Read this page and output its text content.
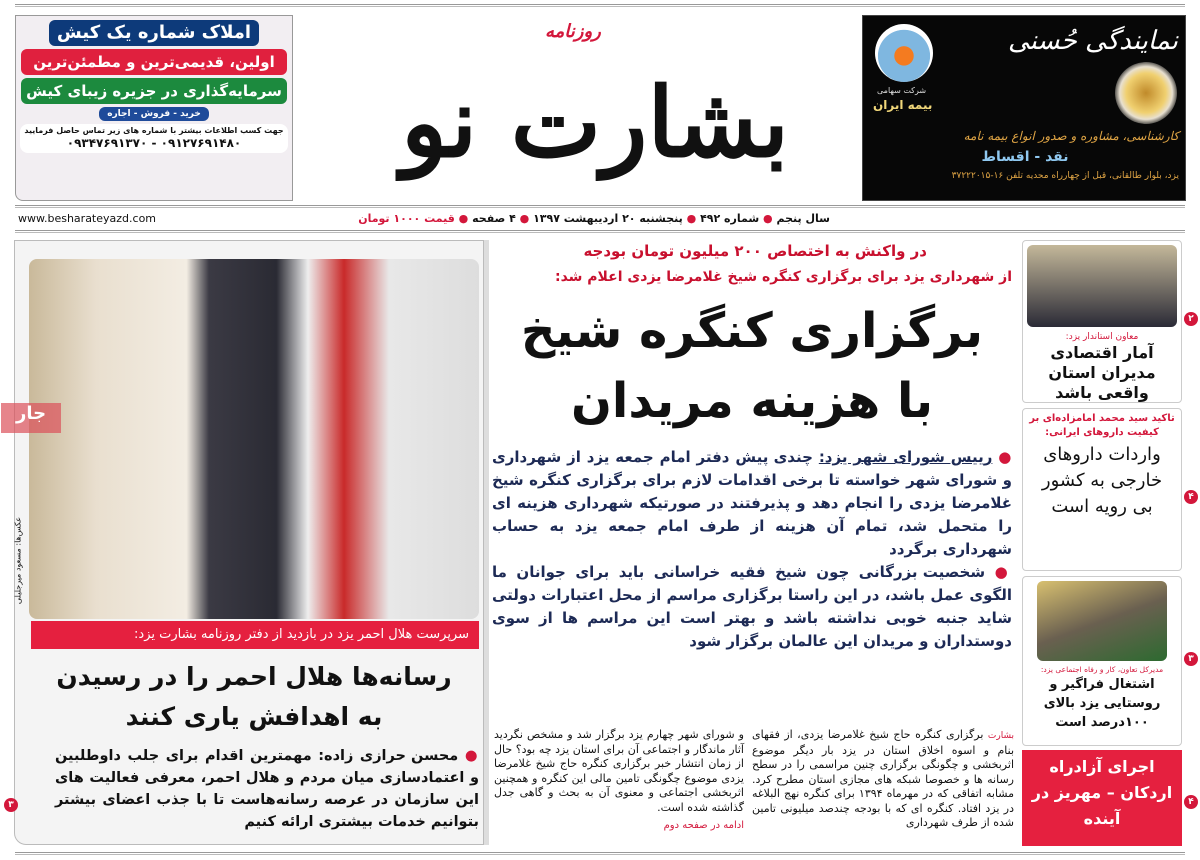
املاک شماره یک کیش
اولین، قدیمی‌ترین و مطمئن‌ترین
سرمایه‌گذاری در جزیره زیبای کیش
خرید - فروش - اجاره
جهت کسب اطلاعات بیشتر با شماره های زیر تماس حاصل فرمایید
۰۹۱۲۷۶۹۱۴۸۰ - ۰۹۳۴۷۶۹۱۳۷۰
روزنامه
بشارت نو	شرکت سهامی
بیمه ایران
نمایندگی حُسنی
کارشناسی، مشاوره و صدور انواع بیمه نامه
نقد - اقساط
یزد، بلوار طالقانی، قبل از چهارراه محدیه تلفن ۱۶-۳۷۲۲۲۰۱۵
www.besharateyazd.com	سال پنجم ● شماره ۴۹۲ ● پنجشنبه ۲۰ اردیبهشت ۱۳۹۷ ● ۴ صفحه ● قیمت ۱۰۰۰ تومان
معاون استاندار یزد:
آمار اقتصادی مدیران استان واقعی باشد
۲
تاکید سید محمد امامزاده‌ای بر کیفیت داروهای ایرانی:
واردات داروهای خارجی به کشور بی رویه است	۴
مدیرکل تعاون، کار و رفاه اجتماعی یزد:
اشتغال فراگیر و روستایی یزد بالای ۱۰۰درصد است
۳
اجرای آزادراه اردکان – مهریز در آینده
۴
در واکنش به اختصاص ۲۰۰ میلیون تومان بودجه
از شهرداری یزد برای برگزاری کنگره شیخ غلامرضا یزدی اعلام شد:
برگزاری کنگره شیخ
با هزینه مریدان
● رییس شورای شهر یزد: چندی پیش دفتر امام جمعه یزد از شهرداری و شورای شهر خواسته تا برخی اقدامات لازم برای برگزاری کنگره شیخ غلامرضا یزدی را انجام دهد و پذیرفتند در صورتیکه شهرداری هزینه ای را متحمل شد، تمام آن هزینه از طرف امام جمعه یزد به حساب شهرداری برگردد
● شخصیت بزرگانی چون شیخ فقیه خراسانی باید برای جوانان ما الگوی عمل باشد، در این راستا برگزاری مراسم از محل اعتبارات دولتی شاید جنبه خوبی نداشته باشد و بهتر است این مراسم ها از سوی دوستداران و مریدان این عالمان برگزار شود
بشارت برگزاری کنگره حاج شیخ غلامرضا یزدی، از فقهای بنام و اسوه اخلاق استان در یزد بار دیگر موضوع اثربخشی و چگونگی برگزاری چنین مراسمی را در سطح رسانه ها و خصوصا شبکه های مجازی استان مطرح کرد. مشابه اتفاقی که در مهرماه ۱۳۹۴ برای کنگره نهج البلاغه در یزد افتاد. کنگره ای که با بودجه چندصد میلیونی تامین شده از طرف شهرداری
و شورای شهر چهارم یزد برگزار شد و مشخص نگردید آثار ماندگار و اجتماعی آن برای استان یزد چه بود؟ حال از زمان انتشار خبر برگزاری کنگره حاج شیخ غلامرضا یزدی موضوع چگونگی تامین مالی این کنگره و همچنین اثربخشی اجتماعی و معنوی آن به بحث و گاهی جدل گذاشته شده است.
ادامه در صفحه دوم
جار
عکس‌ها: مسعود میرجلیلی
سرپرست هلال احمر یزد در بازدید از دفتر روزنامه بشارت یزد:
رسانه‌ها هلال احمر را در رسیدن
به اهدافش یاری کنند
● محسن حرازی زاده: مهمترین اقدام برای جلب داوطلبین و اعتمادسازی میان مردم و هلال احمر، معرفی فعالیت های این سازمان در عرصه رسانه‌هاست تا با جذب اعضای بیشتر بتوانیم خدمات بیشتری ارائه کنیم
۳
